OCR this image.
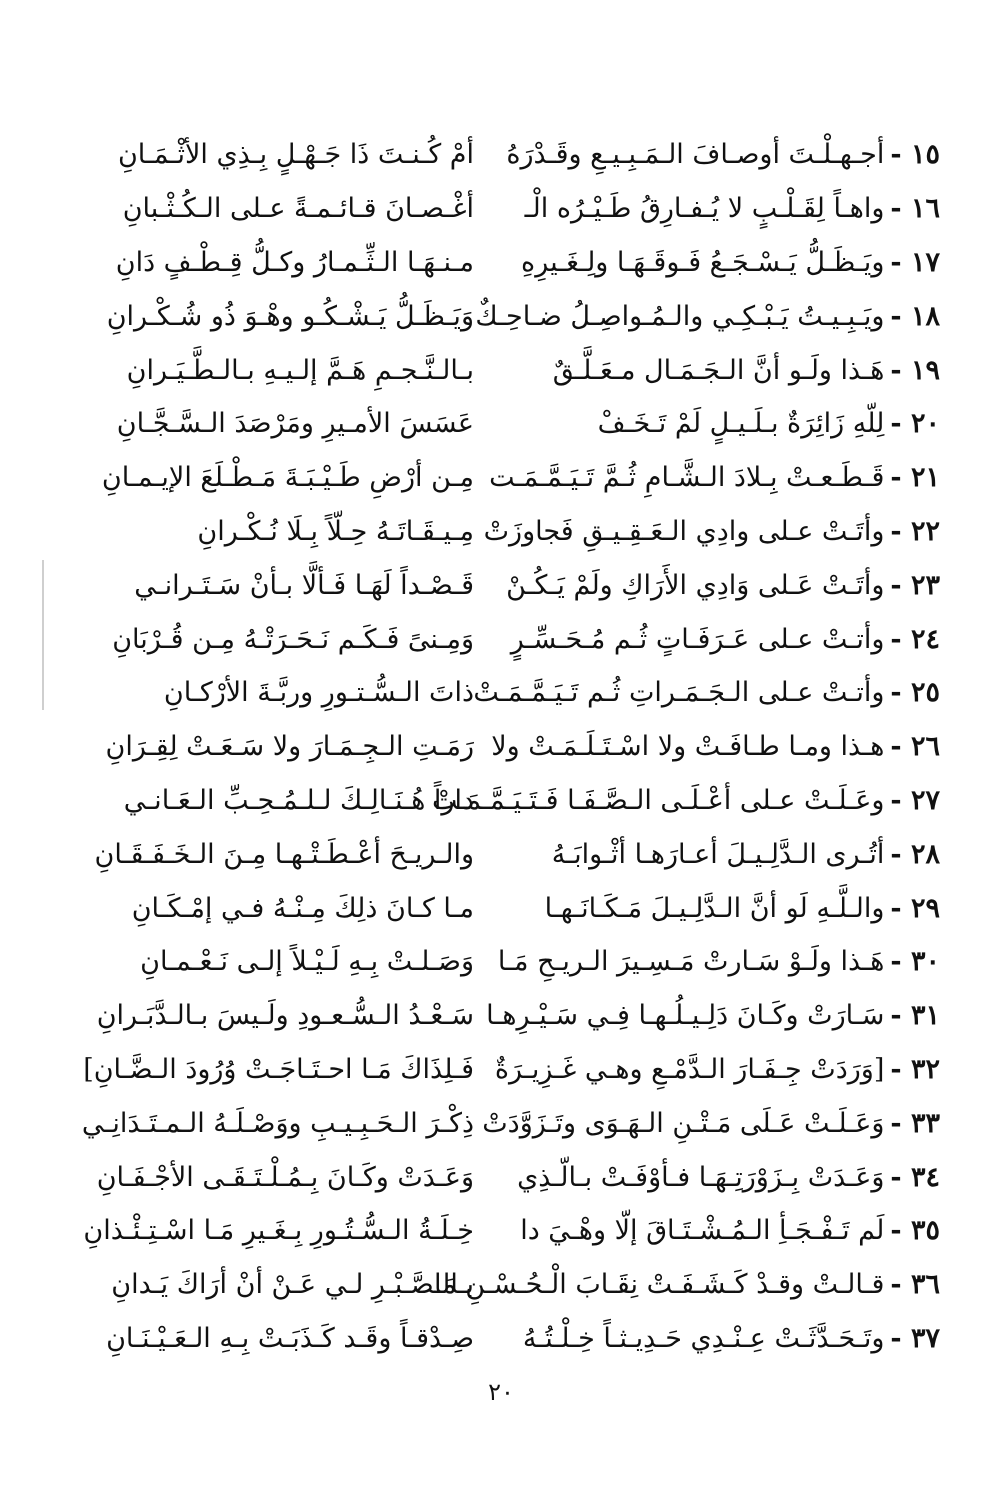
١٥ -أجـهـلْـتَ أوصـافَ الـمَـبِـيـعِ وقَـدْرَهُ
أمْ كُـنـتَ ذَا جَـهْـلٍ بِـذِي الأثْـمَـانِ
١٦ -واهـاً لِقَـلْـبٍ لا يُـفـارِقُ طَـيْـرُه الْـ
أغْـصـانَ قـائـمـةً عـلى الـكُـثْـبانِ
١٧ -ويَـظَـلُّ يَـسْـجَـعُ فَـوقَـهَـا ولِـغَـيرِهِ
مـنـهَـا الـثِّـمـارُ وكـلُّ قِـطْـفٍ دَانِ
١٨ -ويَـبِـيـتُ يَـبْـكِـي والـمُـواصِـلُ ضـاحِـكٌ
وَيَـظَـلُّ يَـشْـكُـو وهْـوَ ذُو شُـكْـرانِ
١٩ -هَـذا ولَـو أنَّ الـجَـمَـال مـعَـلَّـقٌ
بـالـنَّـجـمِ هَـمَّ إلـيـهِ بـالـطَّـيَـرانِ
٢٠ -لِلّهِ زَائِرَةٌ بـلَـيـلٍ لَمْ تَـخَـفْ
عَسَسَ الأمـيرِ ومَرْصَدَ الـسَّـجَّـانِ
٢١ -قَـطَـعـتْ بِـلادَ الـشَّـامِ ثُـمَّ تَـيَـمَّـمَـت
مِـن أرْضِ طَـيْـبَـةَ مَـطْـلَعَ الإيـمـانِ
٢٢ -وأتَـتْ عـلى وادِي الـعَـقِـيـقِ فَجاوزَتْ
مِـيـقَـاتَـهُ حِـلّاً بِـلَا نُـكْـرانِ
٢٣ -وأتَـتْ عَـلى وَادِي الأَرَاكِ ولَمْ يَـكُـنْ
قَـصْـداً لَهَـا فَـألَّا بـأنْ سَـتَـرانـي
٢٤ -وأتـتْ عـلى عَـرَفَـاتٍ ثُـم مُـحَـسِّـرٍ
وَمِـنىً فَـكَـم نَـحَـرَتْـهُ مِـن قُـرْبَانِ
٢٥ -وأتـتْ عـلى الـجَـمَـراتِ ثُـم تَـيَـمَّـمَـتْ
ذاتَ الـسُّـتـورِ وربَّـةَ الأرْكـانِ
٢٦ -هـذا ومـا طـافَـتْ ولا اسْـتَـلَـمَـتْ ولا
رَمَـتِ الـجِـمَـارَ ولا سَـعَـتْ لِقِـرَانِ
٢٧ -وعَـلَـتْ عـلى أعْـلَـى الـصَّـفَـا فَـتَـيَـمَّـمَـتْ
داراً هُـنَـالِـكَ لـلـمُـحِـبِّ الـعَـانـي
٢٨ -أتُـرى الـدَّلِـيـلَ أعـارَهـا أثْـوابَـهُ
والـريـحَ أعْـطَـتْـهـا مِـنَ الـخَـفَـقَـانِ
٢٩ -والـلَّـهِ لَو أنَّ الـدَّلِـيـلَ مَـكَـانَـهـا
مـا كـانَ ذلِكَ مِـنْـهُ فـي إمْـكَـانِ
٣٠ -هَـذا ولَـوْ سَـارتْ مَـسِـيرَ الـريـحِ مَـا
وَصَـلـتْ بِـهِ لَـيْـلاً إلـى نَـعْـمـانِ
٣١ -سَـارَتْ وكَـانَ دَلِـيـلُـهـا فِـي سَـيْـرِهـا
سَـعْـدُ الـسُّـعـودِ ولَـيسَ بـالـدَّبَـرانِ
٣٢ -[وَرَدَتْ جِـفَـارَ الـدَّمْـعِ وهـي غَـزِيـرَةٌ
فَـلِذَاكَ مَـا احـتَـاجَـتْ وُرُودَ الـضَّـانِ]
٣٣ -وَعَـلَـتْ عَـلَى مَـتْـنِ الـهَـوَى وتَـزَوَّدَتْ
ذِكْـرَ الـحَـبِـيـبِ ووَصْـلَـهُ الـمـتَـدَانِـي
٣٤ -وَعَـدَتْ بِـزَوْرَتِـهَـا فـأوْفَـتْ بـالّـذِي
وَعَـدَتْ وكَـانَ بِـمُـلْـتَـقَـى الأجْـفَـانِ
٣٥ -لَم تَـفْـجَـأِ الـمُـشْـتَـاقَ إلّا وهْـيَ دا
خِـلَـةُ الـسُّـتُـورِ بِـغَـيرِ مَـا اسْـتِـئْـذانِ
٣٦ -قـالـتْ وقـدْ كَـشَـفَـتْ نِقَـابَ الْـحُـسْـنِ مَا
بـالـصَّـبْـرِ لـي عَـنْ أنْ أرَاكَ يَـدانِ
٣٧ -وتَـحَـدَّثَـتْ عِـنْـدِي حَـدِيـثـاً خِـلْـتُـهُ
صِـدْقـاً وقَـد كَـذَبَـتْ بِـهِ الـعَـيْـنَـانِ
٢٠
